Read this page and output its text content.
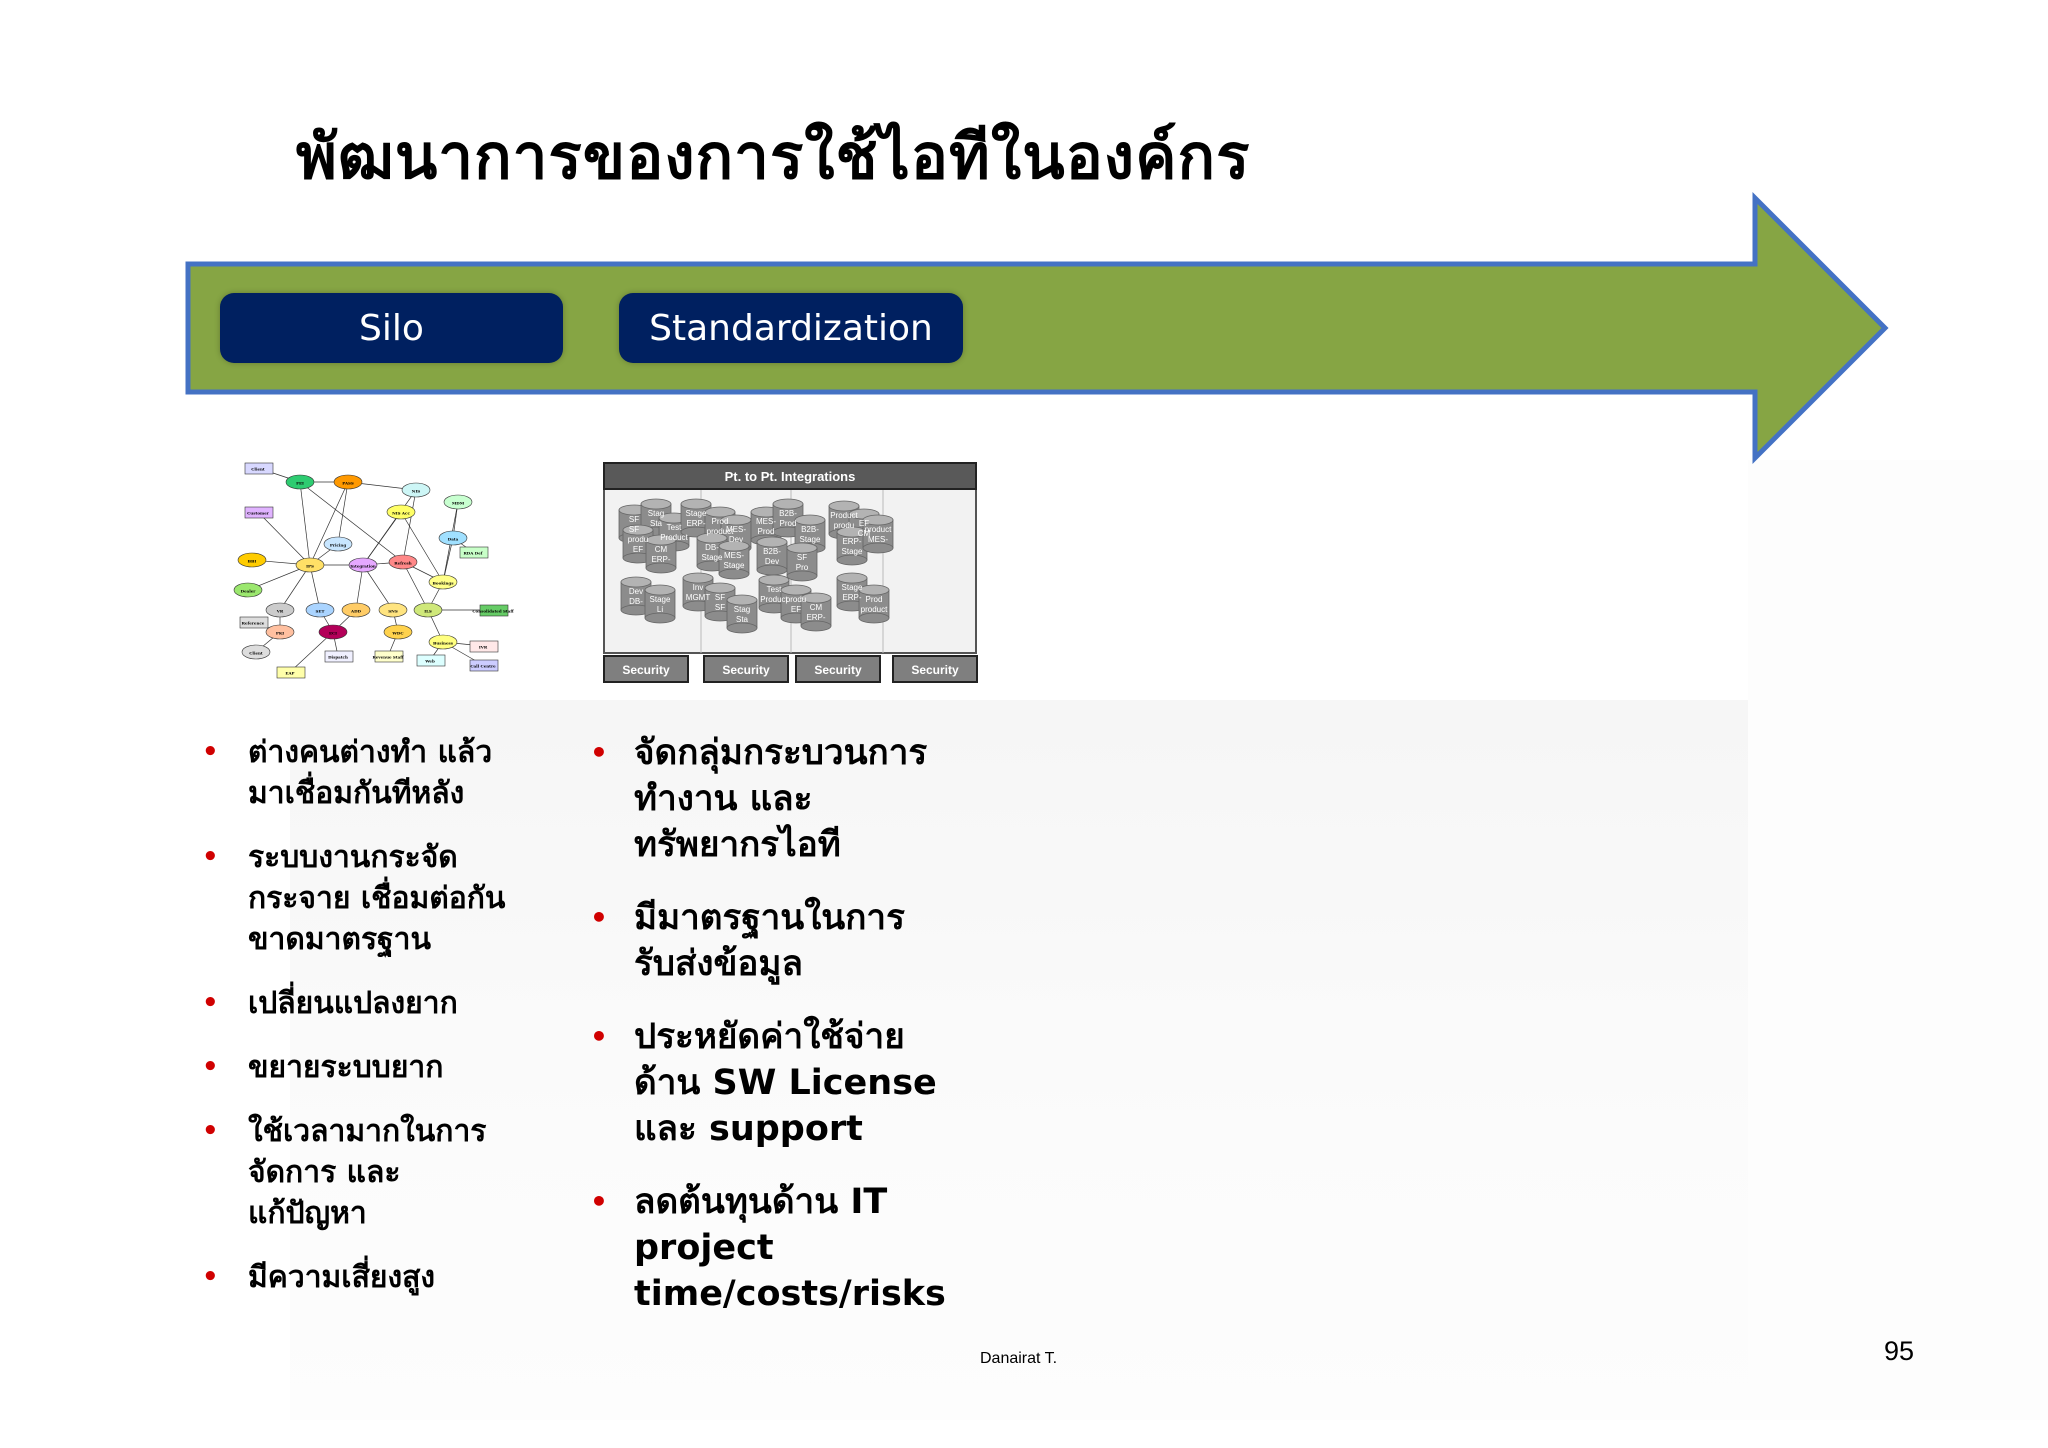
พัฒนาการของการใช้ไอทีในองค์กร
Silo	Standardization
Client
FEI	PASS
NIS
Customer	NIS Acc
MDM
Pricing
BBI
IPS	Integration
Refresh
Data
RDA Def
Dealer
Bookings
Consolidated Staff
VR	SET	ADD	SNS	ILS
PKI	ECI	WDC
Business
Reference
IVR
Client
Dispatch	Revenue Staff
Web
Call Centre
EAP
Pt. to Pt. Integrations
SF
SF
Stag
Sta Test
Product
produ
EF CM
ERP-
Stage
ERP- Prod
product
MES-
Dev
DB-
Stage MES-
Stage
MES-
Prod
B2B-
Prod
B2B-
Stage
B2B-
Dev SF
Pro
Product
produ EF
CM
ERP-
Stage
product
MES-
Dev
DB- Stage
Li
Inv
MGMT SF
SF Stag
Sta
Test
Product
produ
EF CM
ERP-
Stage
ERP- Prod
product
Security	Security	Security	Security
• ต่างคนต่างทำ แล้ว
มาเชื่อมกันทีหลัง
• ระบบงานกระจัด
กระจาย เชื่อมต่อกัน
ขาดมาตรฐาน
• เปลี่ยนแปลงยาก
• ขยายระบบยาก
• ใช้เวลามากในการ
จัดการ และ
แก้ปัญหา
• มีความเสี่ยงสูง
• จัดกลุ่มกระบวนการ
ทำงาน และ
ทรัพยากรไอที
• มีมาตรฐานในการ
รับส่งข้อมูล
• ประหยัดค่าใช้จ่าย
ด้าน SW License
และ support
• ลดต้นทุนด้าน IT
project
time/costs/risks
Danairat T.	95
